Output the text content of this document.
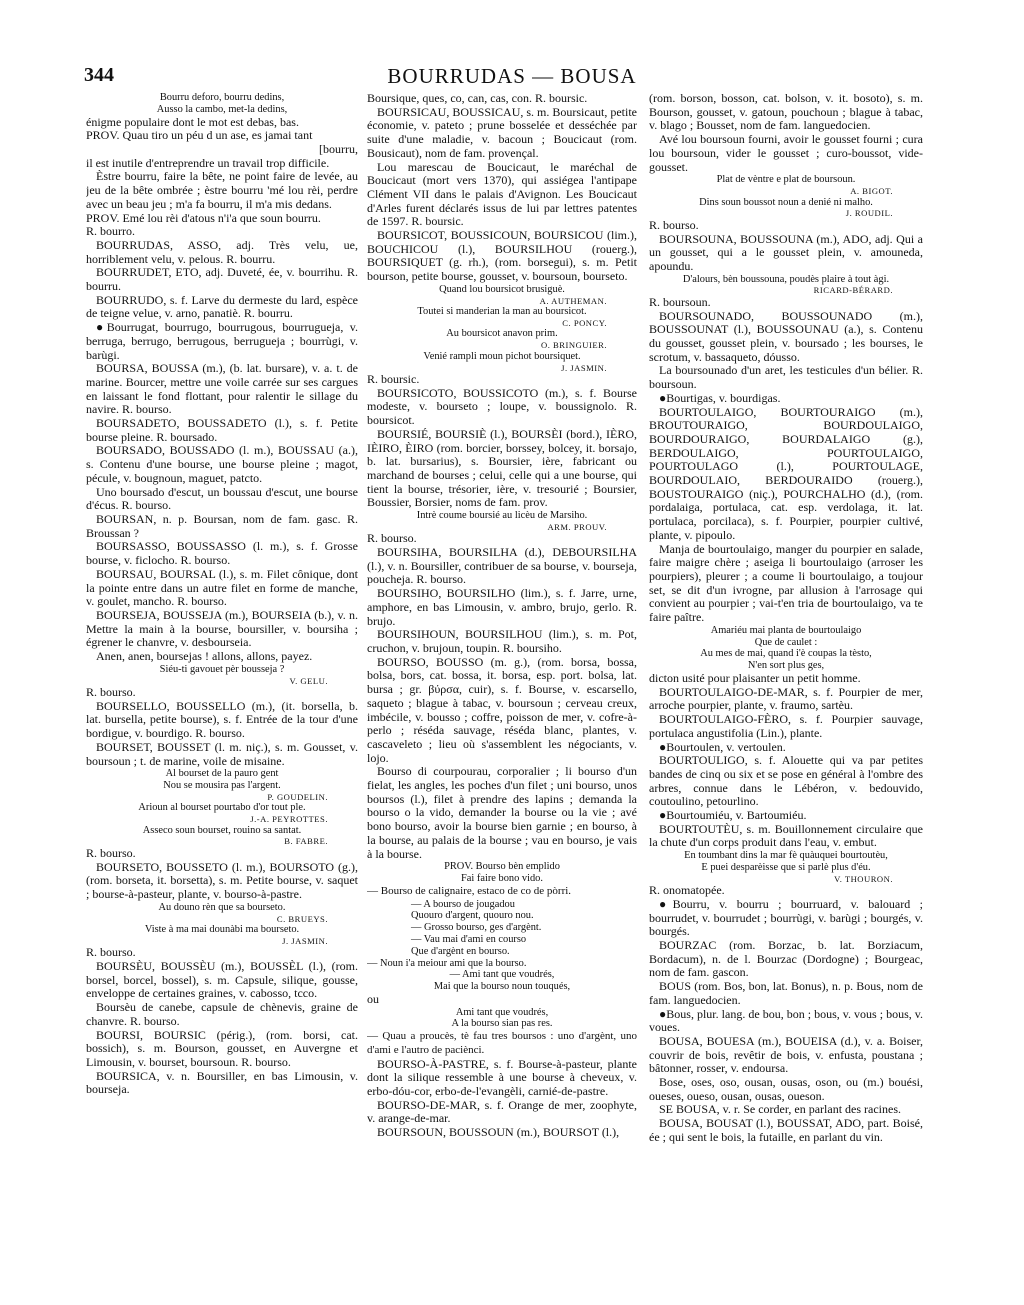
344	BOURRUDAS — BOUSA

Bourru deforo, bourru dedins,

Ausso la cambo, met-la dedins,

énigme populaire dont le mot est debas, bas.

PROV. Quau tiro un péu d un ase, es jamai tant

[bourru,

il est inutile d'entreprendre un travail trop difficile.

Èstre bourru, faire la bête, ne point faire de levée, au jeu de la bête ombrée ; èstre bourru 'mé lou rèi, perdre avec un beau jeu ; m'a fa bourru, il m'a mis dedans.

PROV. Emé lou rèi d'atous n'i'a que soun bourru.

R. bourro.

BOURRUDAS, ASSO, adj. Très velu, ue, horriblement velu, v. pelous. R. bourru.

BOURRUDET, ETO, adj. Duveté, ée, v. bourrihu. R. bourru.

BOURRUDO, s. f. Larve du dermeste du lard, espèce de teigne velue, v. arno, panatiè. R. bourru.

●Bourrugat, bourrugo, bourrugous, bourrugueja, v. berruga, berrugo, berrugous, berrugueja ; bourrùgi, v. barùgi.

BOURSA, BOUSSA (m.), (b. lat. bursare), v. a. t. de marine. Bourcer, mettre une voile carrée sur ses cargues en laissant le fond flottant, pour ralentir le sillage du navire. R. bourso.

BOURSADETO, BOUSSADETO (l.), s. f. Petite bourse pleine. R. boursado.

BOURSADO, BOUSSADO (l. m.), BOUSSAU (a.), s. Contenu d'une bourse, une bourse pleine ; magot, pécule, v. bougnoun, maguet, patcto.

Uno boursado d'escut, un boussau d'escut, une bourse d'écus. R. bourso.

BOURSAN, n. p. Boursan, nom de fam. gasc. R. Broussan ?

BOURSASSO, BOUSSASSO (l. m.), s. f. Grosse bourse, v. ficlocho. R. bourso.

BOURSAU, BOURSAL (l.), s. m. Filet cônique, dont la pointe entre dans un autre filet en forme de manche, v. goulet, mancho. R. bourso.

BOURSEJA, BOUSSEJA (m.), BOURSEIA (b.), v. n. Mettre la main à la bourse, boursiller, v. boursiha ; égrener le chanvre, v. desbourseia.

Anen, anen, boursejas ! allons, allons, payez.

Siéu-ti gavouet pèr bousseja ?

V. GELU.

R. bourso.

BOURSELLO, BOUSSELLO (m.), (it. borsella, b. lat. bursella, petite bourse), s. f. Entrée de la tour d'une bordigue, v. bourdigo. R. bourso.

BOURSET, BOUSSET (l. m. niç.), s. m. Gousset, v. boursoun ; t. de marine, voile de misaine.

Al bourset de la pauro gent

Nou se mousira pas l'argent.

P. GOUDELIN.

Arioun al bourset pourtabo d'or tout ple.

J.-A. PEYROTTES.

Asseco soun bourset, rouino sa santat.

B. FABRE.

R. bourso.

BOURSETO, BOUSSETO (l. m.), BOURSOTO (g.), (rom. borseta, it. borsetta), s. m. Petite bourse, v. saquet ; bourse-à-pasteur, plante, v. bourso-à-pastre.

Au douno rèn que sa bourseto.

C. BRUEYS.

Viste à ma mai dounàbi ma bourseto.

J. JASMIN.

R. bourso.

BOURSÈU, BOUSSÈU (m.), BOUSSÈL (l.), (rom. borsel, borcel, bossel), s. m. Capsule, silique, gousse, enveloppe de certaines graines, v. cabosso, tcco.

Boursèu de canebe, capsule de chènevis, graine de chanvre. R. bourso.

BOURSI, BOURSIC (périg.), (rom. borsi, cat. bossich), s. m. Bourson, gousset, en Auvergne et Limousin, v. bourset, boursoun. R. bourso.

BOURSICA, v. n. Boursiller, en bas Limousin, v. bourseja.

Boursique, ques, co, can, cas, con. R. boursic.

BOURSICAU, BOUSSICAU, s. m. Boursicaut, petite économie, v. pateto ; prune bosselée et desséchée par suite d'une maladie, v. bacoun ; Boucicaut (rom. Bousicaut), nom de fam. provençal.

Lou marescau de Boucicaut, le maréchal de Boucicaut (mort vers 1370), qui assiégea l'antipape Clément VII dans le palais d'Avignon. Les Boucicaut d'Arles furent déclarés issus de lui par lettres patentes de 1597. R. boursic.

BOURSICOT, BOUSSICOUN, BOURSICOU (lim.), BOUCHICOU (l.), BOURSILHOU (rouerg.), BOURSIQUET (g. rh.), (rom. borsegui), s. m. Petit bourson, petite bourse, gousset, v. boursoun, bourseto.

Quand lou boursicot brusiguè.

A. AUTHEMAN.

Toutei si manderian la man au boursicot.

C. PONCY.

Au boursicot anavon prim.

O. BRINGUIER.

Venié rampli moun pichot boursiquet.

J. JASMIN.

R. boursic.

BOURSICOTO, BOUSSICOTO (m.), s. f. Bourse modeste, v. bourseto ; loupe, v. boussignolo. R. boursicot.

BOURSIÉ, BOURSIÈ (l.), BOURSÈI (bord.), IÈRO, IÈIRO, ÈIRO (rom. borcier, borssey, bolcey, it. borsajo, b. lat. bursarius), s. Boursier, ière, fabricant ou marchand de bourses ; celui, celle qui a une bourse, qui tient la bourse, trésorier, ière, v. tresourié ; Boursier, Boussier, Borsier, noms de fam. prov.

Intrè coume boursié au licèu de Marsiho.

ARM. PROUV.

R. bourso.

BOURSIHA, BOURSILHA (d.), DEBOURSILHA (l.), v. n. Boursiller, contribuer de sa bourse, v. bourseja, poucheja. R. bourso.

BOURSIHO, BOURSILHO (lim.), s. f. Jarre, urne, amphore, en bas Limousin, v. ambro, brujo, gerlo. R. brujo.

BOURSIHOUN, BOURSILHOU (lim.), s. m. Pot, cruchon, v. brujoun, toupin. R. boursiho.

BOURSO, BOUSSO (m. g.), (rom. borsa, bossa, bolsa, bors, cat. bossa, it. borsa, esp. port. bolsa, lat. bursa ; gr. βύρσα, cuir), s. f. Bourse, v. escarsello, saqueto ; blague à tabac, v. boursoun ; cerveau creux, imbécile, v. bousso ; coffre, poisson de mer, v. cofre-à-perlo ; réséda sauvage, réséda blanc, plantes, v. cascaveleto ; lieu où s'assemblent les négociants, v. lojo.

Bourso di courpourau, corporalier ; li bourso d'un fielat, les angles, les poches d'un filet ; uni bourso, unos boursos (l.), filet à prendre des lapins ; demanda la bourso o la vido, demander la bourse ou la vie ; avé bono bourso, avoir la bourse bien garnie ; en bourso, à la bourse, au palais de la bourse ; vau en bourso, je vais à la bourse.

PROV. Bourso bèn emplido

Fai faire bono vido.

— Bourso de calignaire, estaco de co de pòrri.

— A bourso de jougadou

Quouro d'argent, quouro nou.

— Grosso bourso, ges d'argènt.

— Vau mai d'ami en courso

Que d'argènt en bourso.

— Noun i'a meiour ami que la bourso.

— Ami tant que voudrés,

Mai que la bourso noun touqués,

ou

Ami tant que voudrés,

A la bourso sian pas res.

— Quau a proucès, tè fau tres boursos : uno d'argènt, uno d'ami e l'autro de paciènci.

BOURSO-À-PASTRE, s. f. Bourse-à-pasteur, plante dont la silique ressemble à une bourse à cheveux, v. erbo-dóu-cor, erbo-de-l'evangèli, carnié-de-pastre.

BOURSO-DE-MAR, s. f. Orange de mer, zoophyte, v. arange-de-mar.

BOURSOUN, BOUSSOUN (m.), BOURSOT (l.),

(rom. borson, bosson, cat. bolson, v. it. bosoto), s. m. Bourson, gousset, v. gatoun, pouchoun ; blague à tabac, v. blago ; Bousset, nom de fam. languedocien.

Avé lou boursoun fourni, avoir le gousset fourni ; cura lou boursoun, vider le gousset ; curo-boussot, vide-gousset.

Plat de vèntre e plat de boursoun.

A. BIGOT.

Dins soun boussot noun a denié ni malho.

J. ROUDIL.

R. bourso.

BOURSOUNA, BOUSSOUNA (m.), ADO, adj. Qui a un gousset, qui a le gousset plein, v. amouneda, apoundu.

D'alours, bèn boussouna, poudès plaire à tout àgi.

RICARD-BÉRARD.

R. boursoun.

BOURSOUNADO, BOUSSOUNADO (m.), BOUSSOUNAT (l.), BOUSSOUNAU (a.), s. Contenu du gousset, gousset plein, v. boursado ; les bourses, le scrotum, v. bassaqueto, dóusso.

La boursounado d'un aret, les testicules d'un bélier. R. boursoun.

●Bourtigas, v. bourdigas.

BOURTOULAIGO, BOURTOURAIGO (m.), BROUTOURAIGO, BOURDOULAIGO, BOURDOURAIGO, BOURDALAIGO (g.), BERDOULAIGO, POURTOULAIGO, POURTOULAGO (l.), POURTOULAGE, BOURDOULAIO, BERDOURAIDO (rouerg.), BOUSTOURAIGO (niç.), POURCHALHO (d.), (rom. pordalaiga, portulaca, cat. esp. verdolaga, it. lat. portulaca, porcilaca), s. f. Pourpier, pourpier cultivé, plante, v. pipoulo.

Manja de bourtoulaigo, manger du pourpier en salade, faire maigre chère ; aseiga li bourtoulaigo (arroser les pourpiers), pleurer ; a coume li bourtoulaigo, a toujour set, se dit d'un ivrogne, par allusion à l'arrosage qui convient au pourpier ; vai-t'en tria de bourtoulaigo, va te faire paître.

Amariéu mai planta de bourtoulaigo

Que de caulet :

Au mes de mai, quand i'è coupas la tèsto,

N'en sort plus ges,

dicton usité pour plaisanter un petit homme.

BOURTOULAIGO-DE-MAR, s. f. Pourpier de mer, arroche pourpier, plante, v. fraumo, sartèu.

BOURTOULAIGO-FÈRO, s. f. Pourpier sauvage, portulaca angustifolia (Lin.), plante.

●Bourtoulen, v. vertoulen.

BOURTOULIGO, s. f. Alouette qui va par petites bandes de cinq ou six et se pose en général à l'ombre des arbres, connue dans le Lébéron, v. bedouvido, coutoulino, petourlino.

●Bourtoumiéu, v. Bartoumiéu.

BOURTOUTÈU, s. m. Bouillonnement circulaire que la chute d'un corps produit dans l'eau, v. embut.

En toumbant dins la mar fè quàuquei bourtoutèu,

E puei desparèisse que si parlè plus d'éu.

V. THOURON.

R. onomatopée.

●Bourru, v. bourru ; bourruard, v. balouard ; bourrudet, v. bourrudet ; bourrùgi, v. barùgi ; bourgés, v. bourgés.

BOURZAC (rom. Borzac, b. lat. Borziacum, Bordacum), n. de l. Bourzac (Dordogne) ; Bourgeac, nom de fam. gascon.

BOUS (rom. Bos, bon, lat. Bonus), n. p. Bous, nom de fam. languedocien.

●Bous, plur. lang. de bou, bon ; bous, v. vous ; bous, v. voues.

BOUSA, BOUESA (m.), BOUEISA (d.), v. a. Boiser, couvrir de bois, revêtir de bois, v. enfusta, poustana ; bâtonner, rosser, v. endoursa.

Bose, oses, oso, ousan, ousas, oson, ou (m.) bouési, oueses, oueso, ousan, ousas, oueson.

SE BOUSA, v. r. Se corder, en parlant des racines.

BOUSA, BOUSAT (l.), BOUSSAT, ADO, part. Boisé, ée ; qui sent le bois, la futaille, en parlant du vin.
